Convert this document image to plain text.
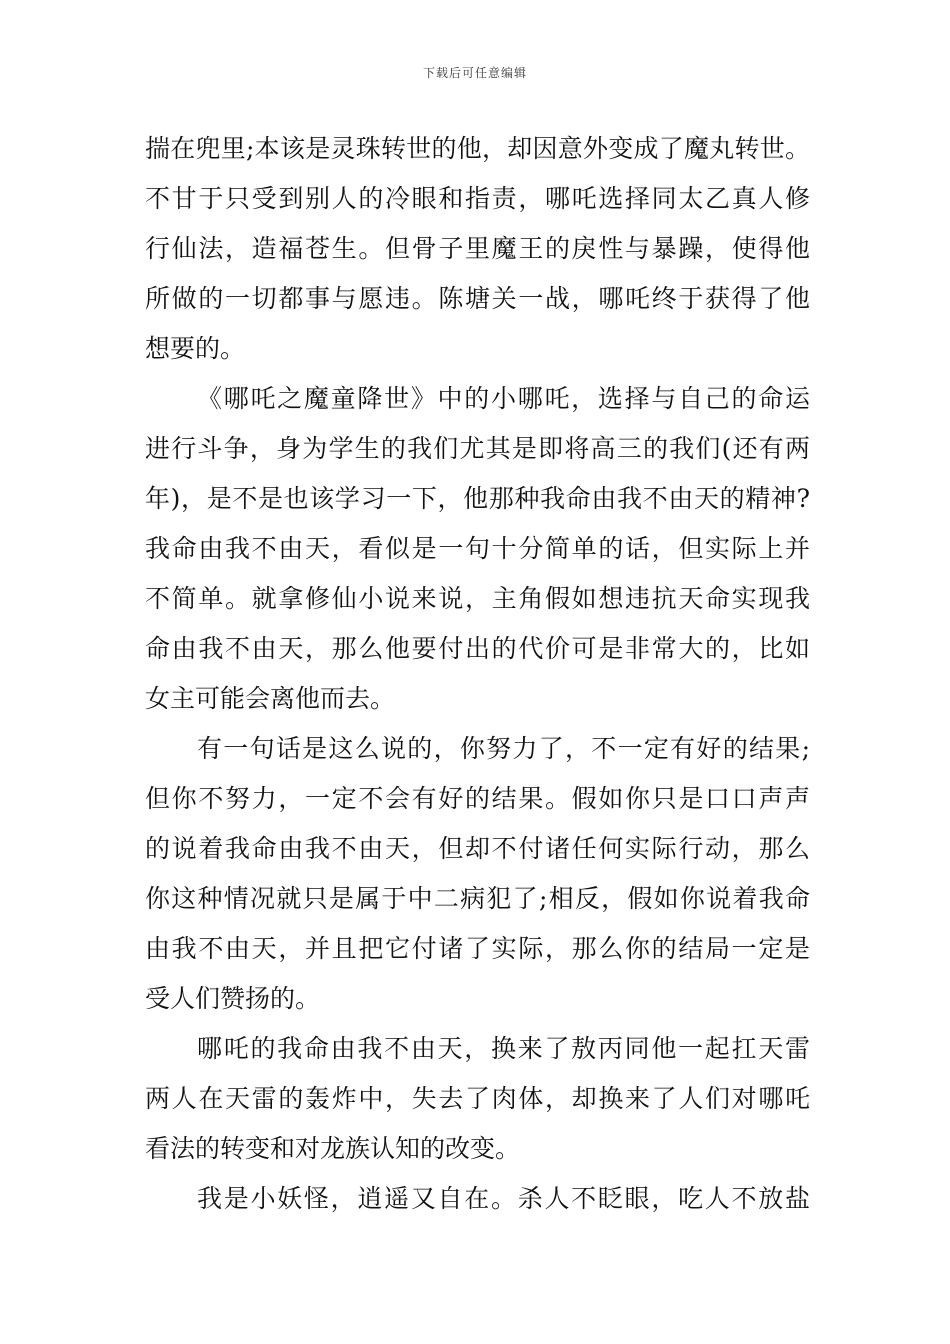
下载后可任意编辑
揣在兜里;本该是灵珠转世的他，却因意外变成了魔丸转世。
不甘于只受到别人的冷眼和指责，哪吒选择同太乙真人修
行仙法，造福苍生。但骨子里魔王的戾性与暴躁，使得他
所做的一切都事与愿违。陈塘关一战，哪吒终于获得了他
想要的。
《哪吒之魔童降世》中的小哪吒，选择与自己的命运
进行斗争，身为学生的我们尤其是即将高三的我们(还有两
年)，是不是也该学习一下，他那种我命由我不由天的精神?
我命由我不由天，看似是一句十分简单的话，但实际上并
不简单。就拿修仙小说来说，主角假如想违抗天命实现我
命由我不由天，那么他要付出的代价可是非常大的，比如
女主可能会离他而去。
有一句话是这么说的，你努力了，不一定有好的结果;
但你不努力，一定不会有好的结果。假如你只是口口声声
的说着我命由我不由天，但却不付诸任何实际行动，那么
你这种情况就只是属于中二病犯了;相反，假如你说着我命
由我不由天，并且把它付诸了实际，那么你的结局一定是
受人们赞扬的。
哪吒的我命由我不由天，换来了敖丙同他一起扛天雷
两人在天雷的轰炸中，失去了肉体，却换来了人们对哪吒
看法的转变和对龙族认知的改变。
我是小妖怪，逍遥又自在。杀人不眨眼，吃人不放盐
